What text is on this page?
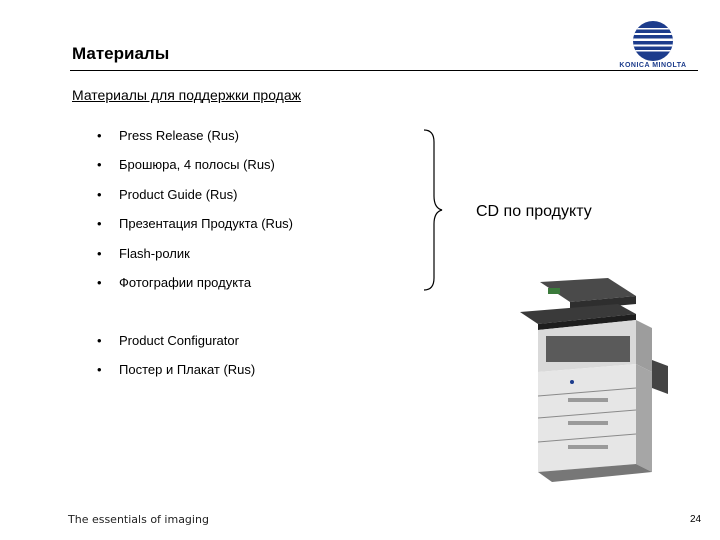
Материалы
KONICA MINOLTA
Материалы для поддержки продаж
• Press Release (Rus)
• Брошюра, 4 полосы (Rus)
• Product Guide (Rus)
• Презентация Продукта (Rus)
• Flash-ролик
• Фотографии продукта
• Product Configurator
• Постер и Плакат (Rus)
CD по продукту
The essentials of imaging	24
